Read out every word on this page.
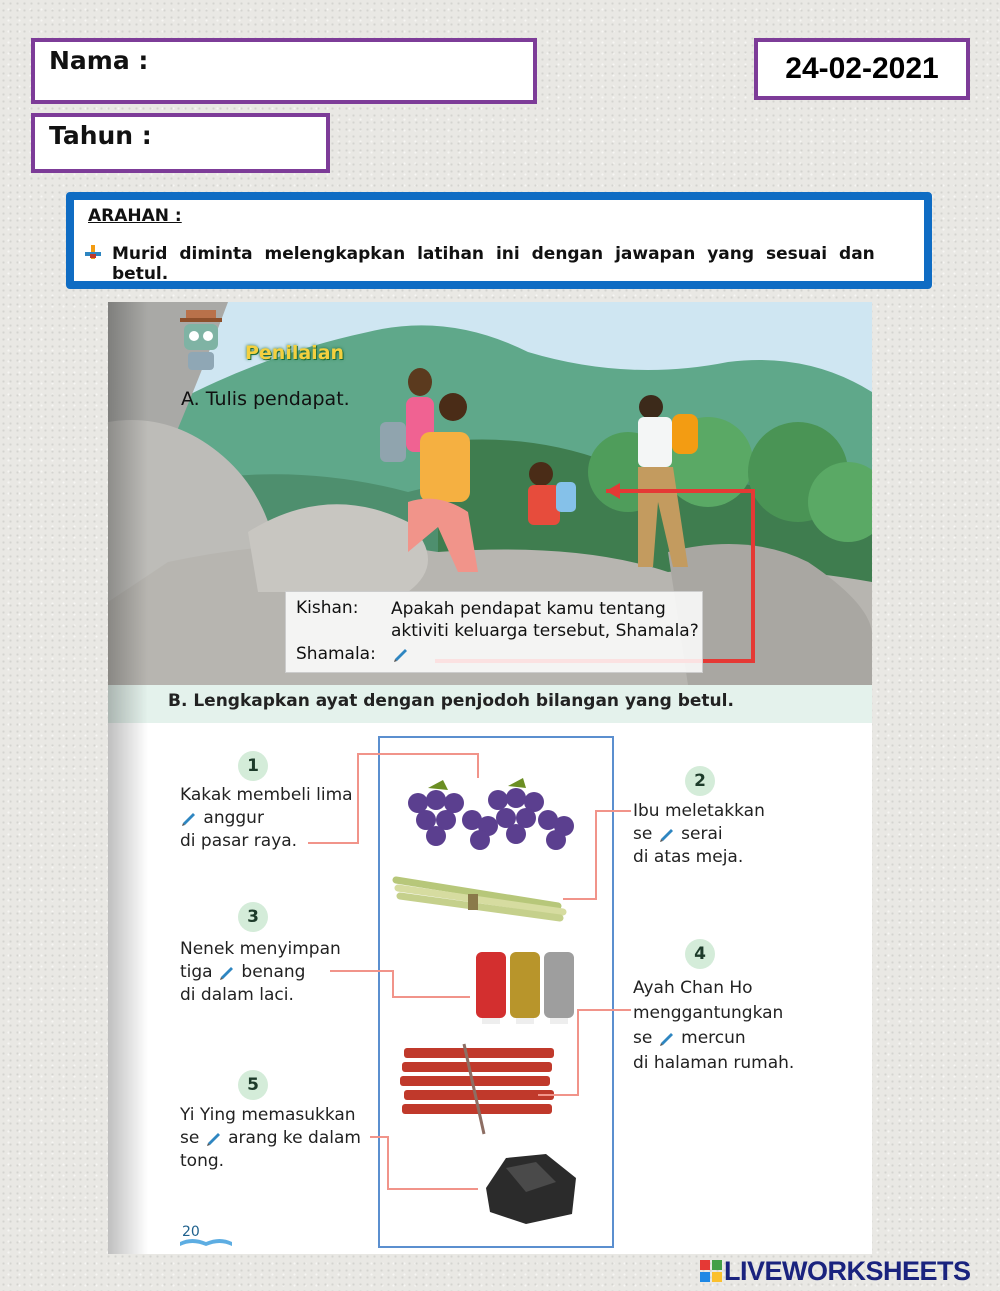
Nama :
Tahun :
24-02-2021
ARAHAN :
Murid diminta melengkapkan latihan ini dengan jawapan yang sesuai dan betul.
Penilaian
A. Tulis pendapat.
Kishan: Apakah pendapat kamu tentang
aktiviti keluarga tersebut, Shamala?
Shamala:
B. Lengkapkan ayat dengan penjodoh bilangan yang betul.
1
Kakak membeli lima
anggur
di pasar raya.
2
Ibu meletakkan
se serai
di atas meja.
3
Nenek menyimpan
tiga benang
di dalam laci.
4
Ayah Chan Ho
menggantungkan
se mercun
di halaman rumah.
5
Yi Ying memasukkan
se arang ke dalam
tong.
20
LIVEWORKSHEETS
